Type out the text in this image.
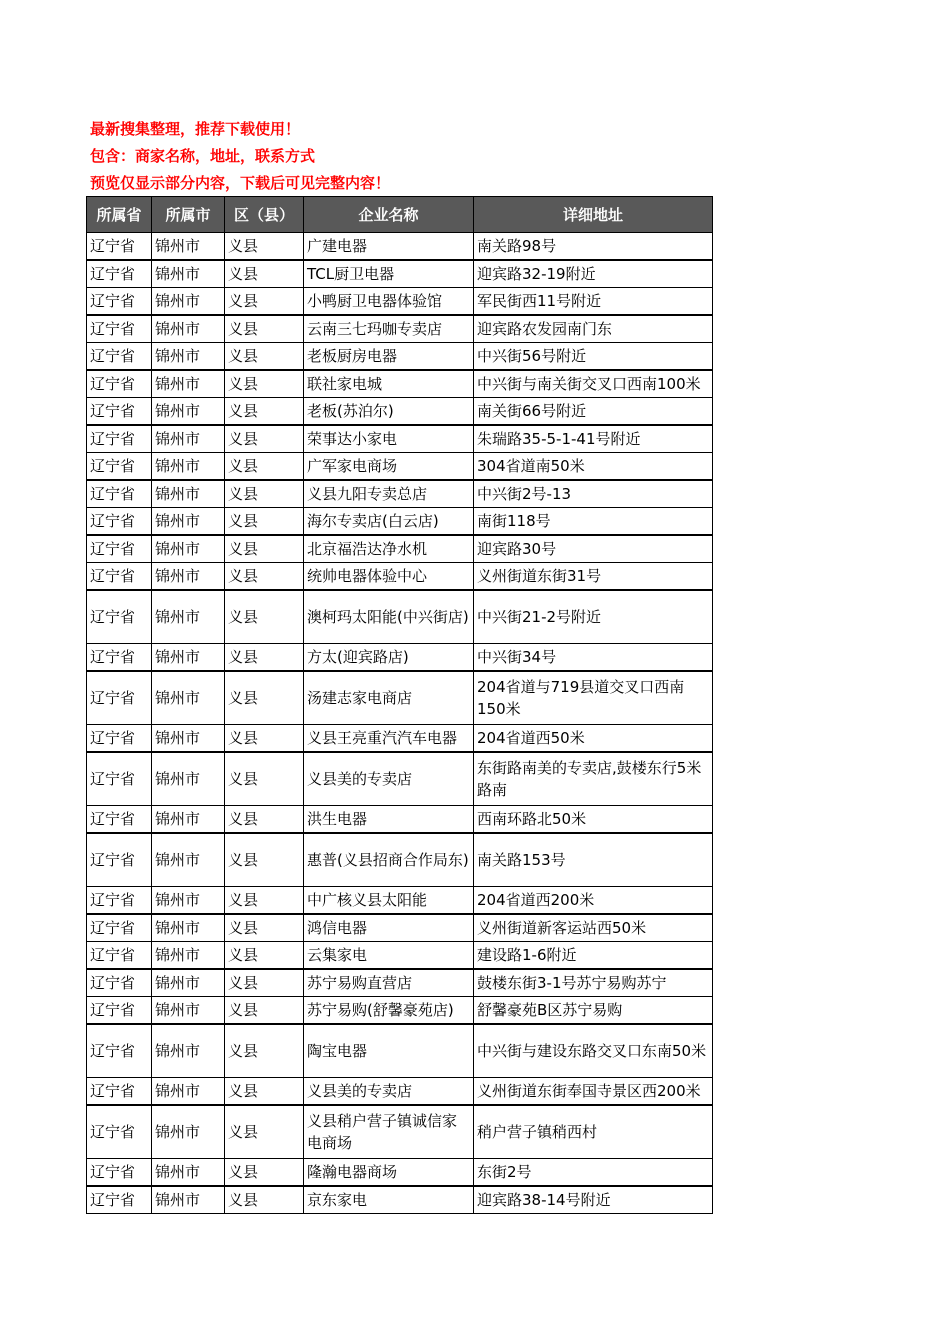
最新搜集整理，推荐下载使用！
包含：商家名称，地址，联系方式
预览仅显示部分内容，下载后可见完整内容！
所属省	所属市	区（县）	企业名称	详细地址
辽宁省	锦州市	义县	广建电器	南关路98号
辽宁省	锦州市	义县	TCL厨卫电器	迎宾路32-19附近
辽宁省	锦州市	义县	小鸭厨卫电器体验馆	军民街西11号附近
辽宁省	锦州市	义县	云南三七玛咖专卖店	迎宾路农发园南门东
辽宁省	锦州市	义县	老板厨房电器	中兴街56号附近
辽宁省	锦州市	义县	联社家电城	中兴街与南关街交叉口西南100米
辽宁省	锦州市	义县	老板(苏泊尔)	南关街66号附近
辽宁省	锦州市	义县	荣事达小家电	朱瑞路35-5-1-41号附近
辽宁省	锦州市	义县	广军家电商场	304省道南50米
辽宁省	锦州市	义县	义县九阳专卖总店	中兴街2号-13
辽宁省	锦州市	义县	海尔专卖店(白云店)	南街118号
辽宁省	锦州市	义县	北京福浩达净水机	迎宾路30号
辽宁省	锦州市	义县	统帅电器体验中心	义州街道东街31号
辽宁省	锦州市	义县	澳柯玛太阳能(中兴街店)	中兴街21-2号附近
辽宁省	锦州市	义县	方太(迎宾路店)	中兴街34号
辽宁省	锦州市	义县	汤建志家电商店	204省道与719县道交叉口西南150米
辽宁省	锦州市	义县	义县王亮重汽汽车电器	204省道西50米
辽宁省	锦州市	义县	义县美的专卖店	东街路南美的专卖店,鼓楼东行5米路南
辽宁省	锦州市	义县	洪生电器	西南环路北50米
辽宁省	锦州市	义县	惠普(义县招商合作局东)	南关路153号
辽宁省	锦州市	义县	中广核义县太阳能	204省道西200米
辽宁省	锦州市	义县	鸿信电器	义州街道新客运站西50米
辽宁省	锦州市	义县	云集家电	建设路1-6附近
辽宁省	锦州市	义县	苏宁易购直营店	鼓楼东街3-1号苏宁易购苏宁
辽宁省	锦州市	义县	苏宁易购(舒馨豪苑店)	舒馨豪苑B区苏宁易购
辽宁省	锦州市	义县	陶宝电器	中兴街与建设东路交叉口东南50米
辽宁省	锦州市	义县	义县美的专卖店	义州街道东街奉国寺景区西200米
辽宁省	锦州市	义县	义县稍户营子镇诚信家电商场	稍户营子镇稍西村
辽宁省	锦州市	义县	隆瀚电器商场	东街2号
辽宁省	锦州市	义县	京东家电	迎宾路38-14号附近
